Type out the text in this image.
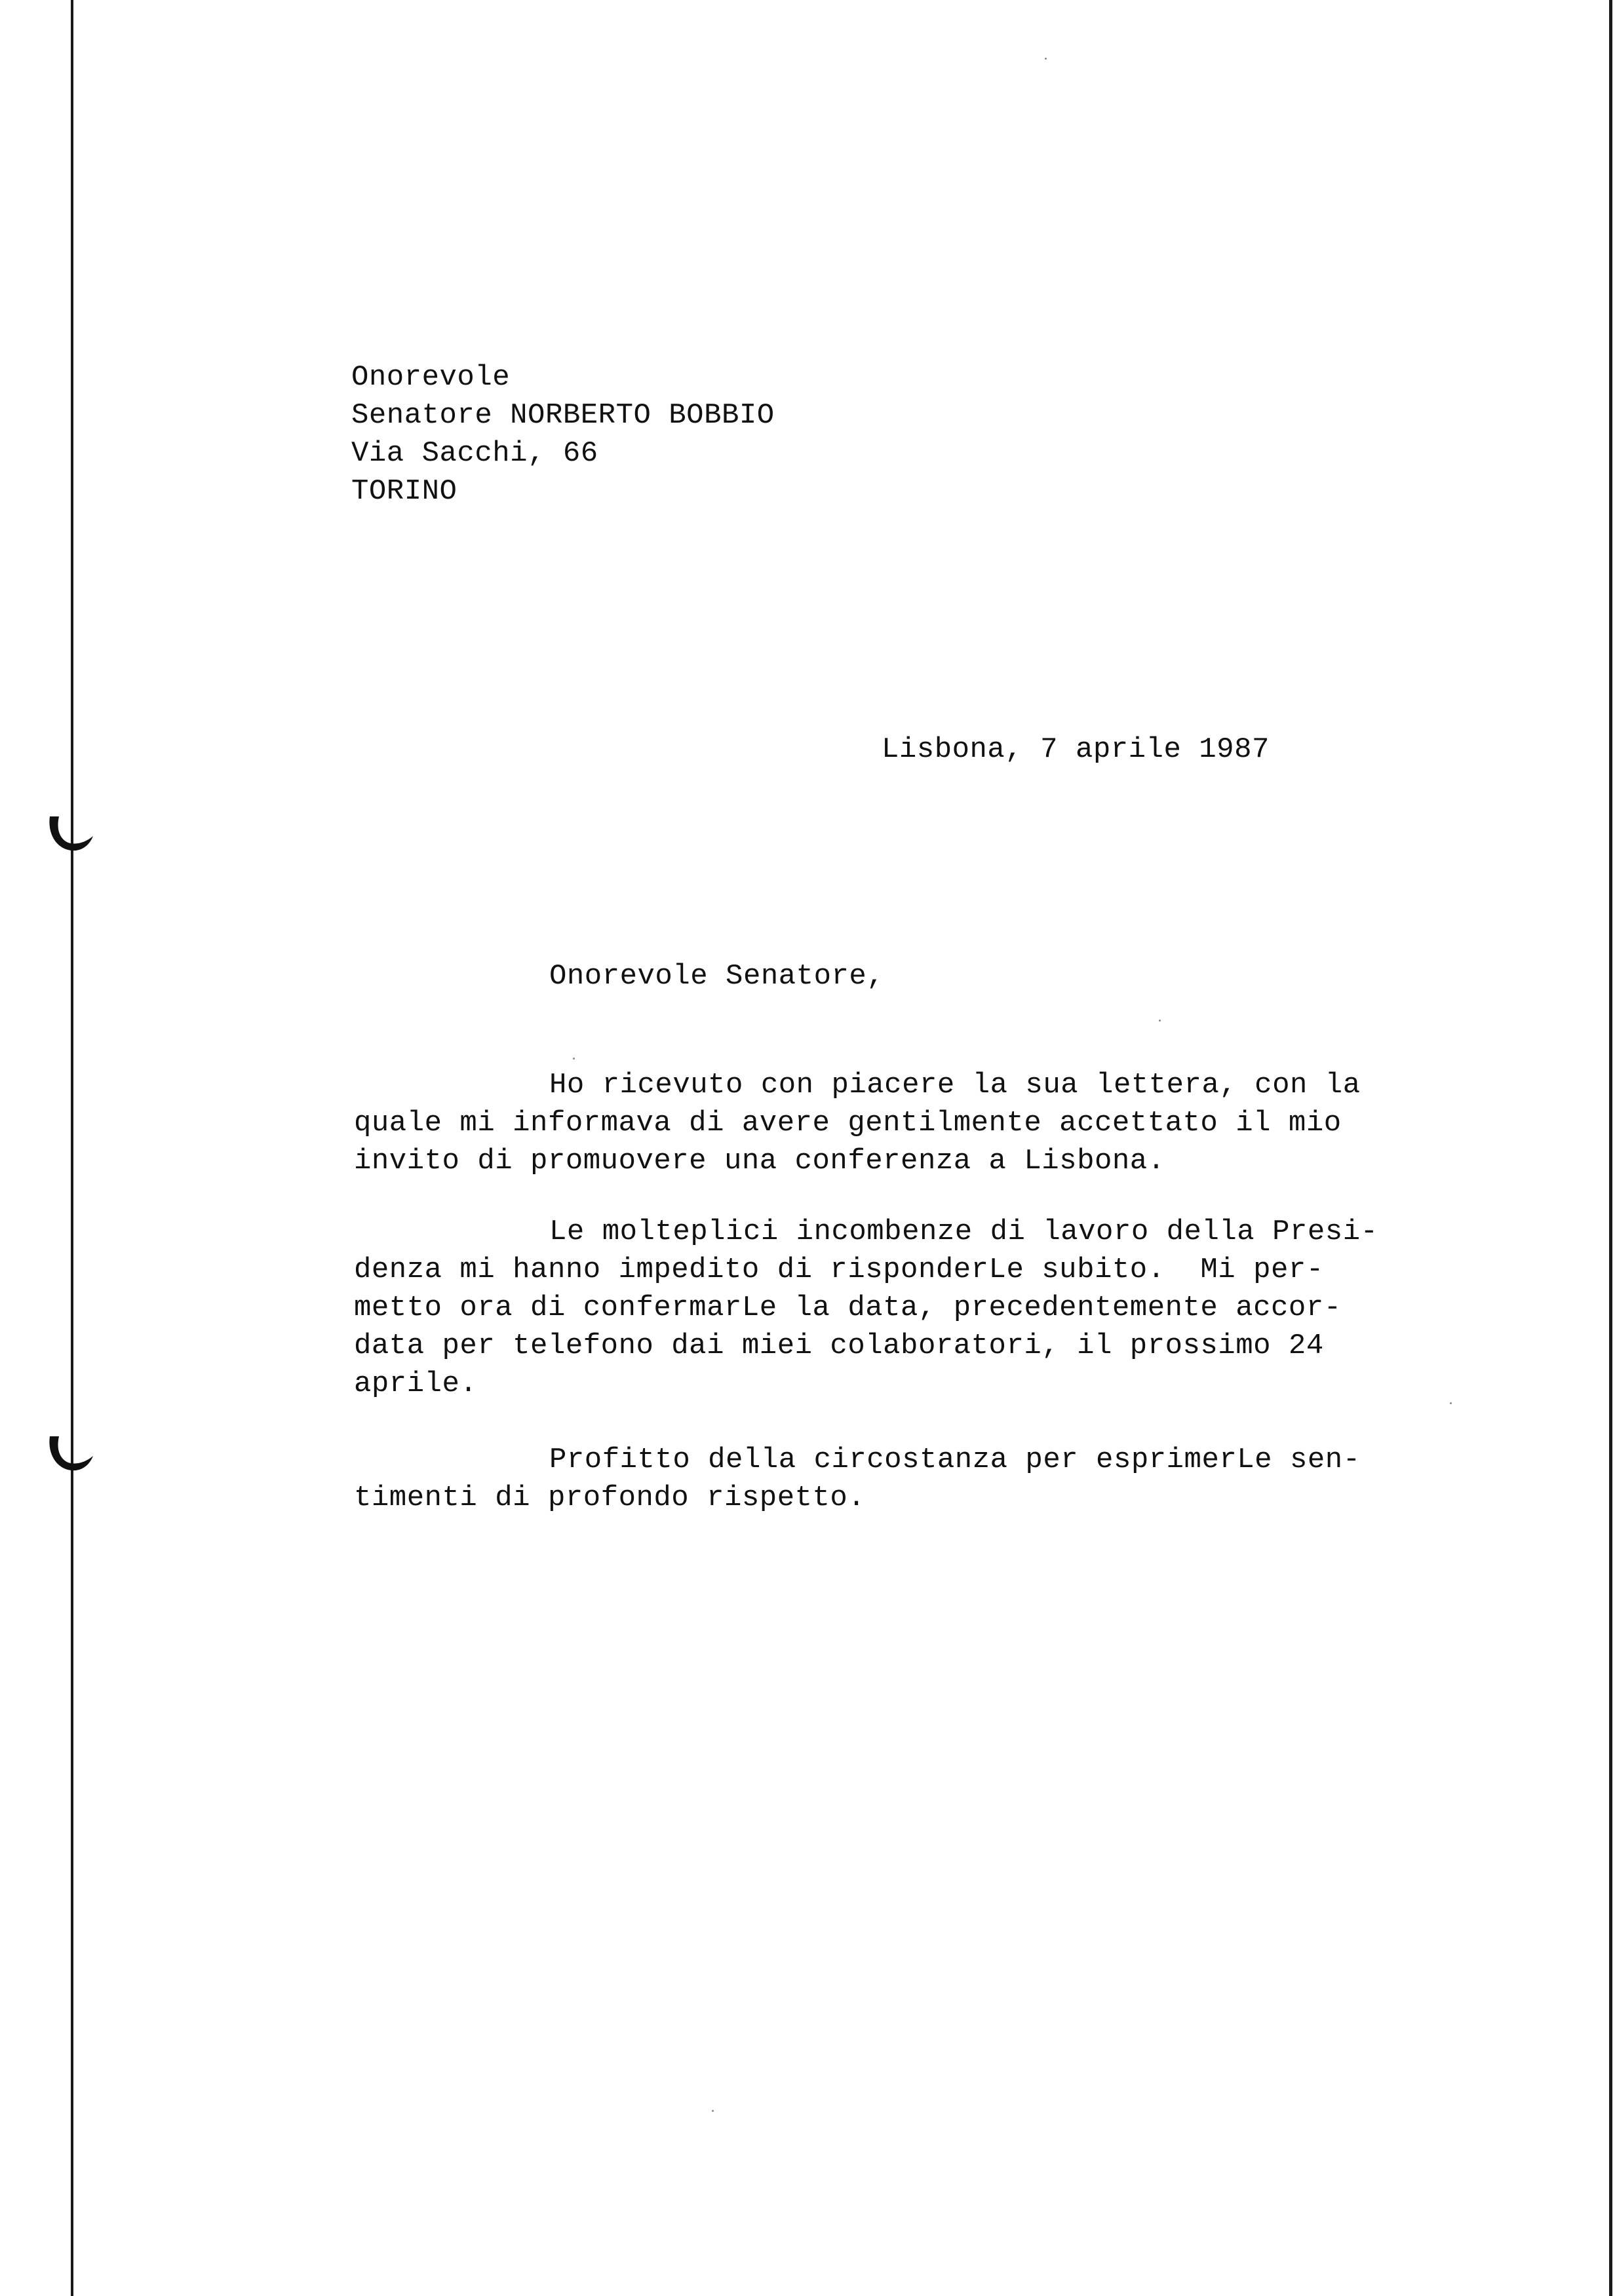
Onorevole
Senatore NORBERTO BOBBIO
Via Sacchi, 66
TORINO
Lisbona, 7 aprile 1987
Onorevole Senatore,
Ho ricevuto con piacere la sua lettera, con la
quale mi informava di avere gentilmente accettato il mio
invito di promuovere una conferenza a Lisbona.
Le molteplici incombenze di lavoro della Presi-
denza mi hanno impedito di risponderLe subito.  Mi per-
metto ora di confermarLe la data, precedentemente accor-
data per telefono dai miei colaboratori, il prossimo 24
aprile.
Profitto della circostanza per esprimerLe sen-
timenti di profondo rispetto.
